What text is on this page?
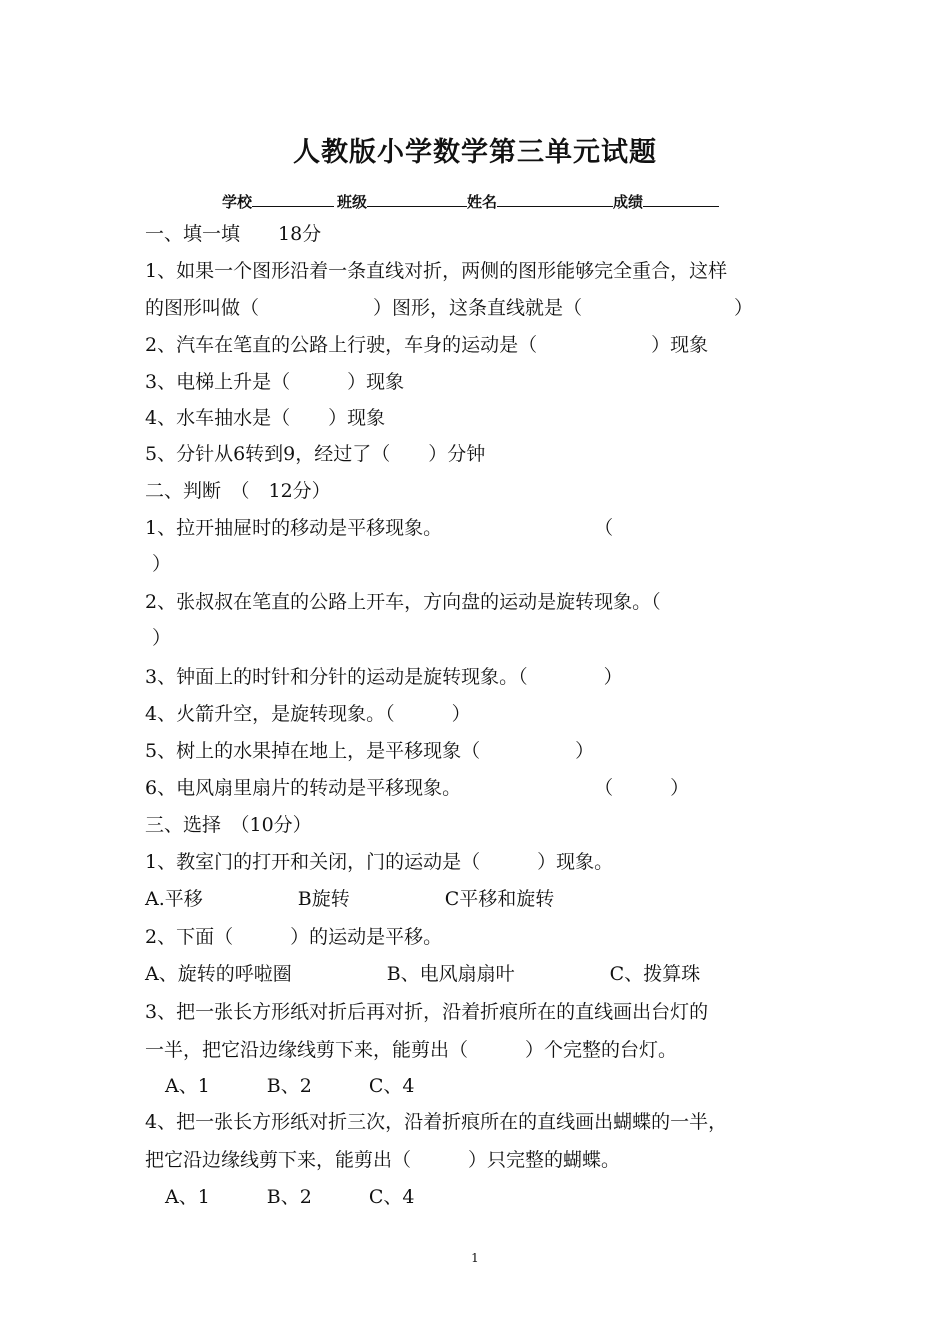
人教版小学数学第三单元试题
学校	班级	姓名	成绩
一、填一填　　18分
1、如果一个图形沿着一条直线对折，两侧的图形能够完全重合，这样
的图形叫做（　　　　　　）图形，这条直线就是（　　　　　　　　）
2、汽车在笔直的公路上行驶，车身的运动是（　　　　　　）现象
3、电梯上升是（　　　）现象
4、水车抽水是（　　）现象
5、分针从6转到9，经过了（　　）分钟
二、判断　（　12分）
1、拉开抽屉时的移动是平移现象。　　　　　　　　　（
）
2、张叔叔在笔直的公路上开车，方向盘的运动是旋转现象。（
）
3、钟面上的时针和分针的运动是旋转现象。（　　　　）
4、火箭升空，是旋转现象。（　　　）
5、树上的水果掉在地上，是平移现象（　　　　　）
6、电风扇里扇片的转动是平移现象。　　　　　　　　（　　　）
三、选择　（10分）
1、教室门的打开和关闭，门的运动是（　　　）现象。
A.平移　　　　　B旋转　　　　　C平移和旋转
2、下面（　　　）的运动是平移。
A、旋转的呼啦圈　　　　　B、电风扇扇叶　　　　　C、拨算珠
3、把一张长方形纸对折后再对折，沿着折痕所在的直线画出台灯的
一半，把它沿边缘线剪下来，能剪出（　　　）个完整的台灯。
A、1　　　B、2　　　C、4
4、把一张长方形纸对折三次，沿着折痕所在的直线画出蝴蝶的一半，
把它沿边缘线剪下来，能剪出（　　　）只完整的蝴蝶。
A、1　　　B、2　　　C、4
1
